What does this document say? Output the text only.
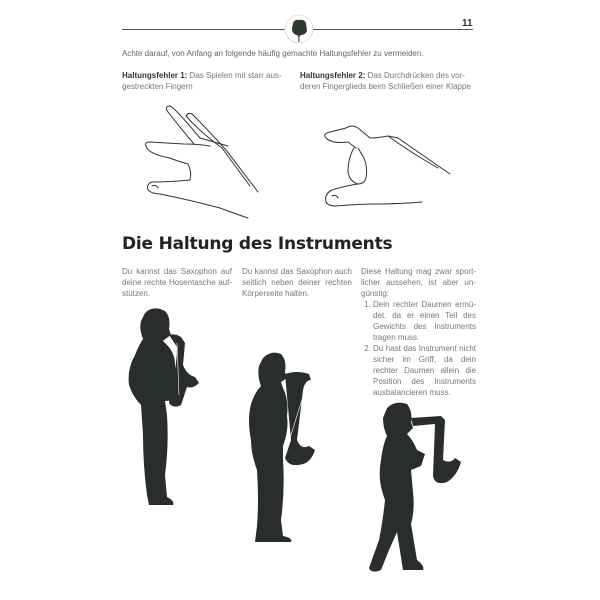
11
Achte darauf, von Anfang an folgende häufig gemachte Haltungsfehler zu vermeiden.
Haltungsfehler 1: Das Spielen mit starr ausgestreckten Fingern
Haltungsfehler 2: Das Durchdrücken des vorderen Fingerglieds beim Schließen einer Klappe
Die Haltung des Instruments
Du kannst das Saxophon auf deine rechte Hosentasche aufstützen.
Du kannst das Saxophon auch seitlich neben deiner rechten Körperseite halten.
Diese Haltung mag zwar sportlicher aussehen, ist aber ungünstig:
1. Dein rechter Daumen ermüdet, da er einen Teil des Gewichts des Instruments tragen muss.
2. Du hast das Instrument nicht sicher im Griff, da dein rechter Daumen allein die Position des Instruments ausbalancieren muss.
